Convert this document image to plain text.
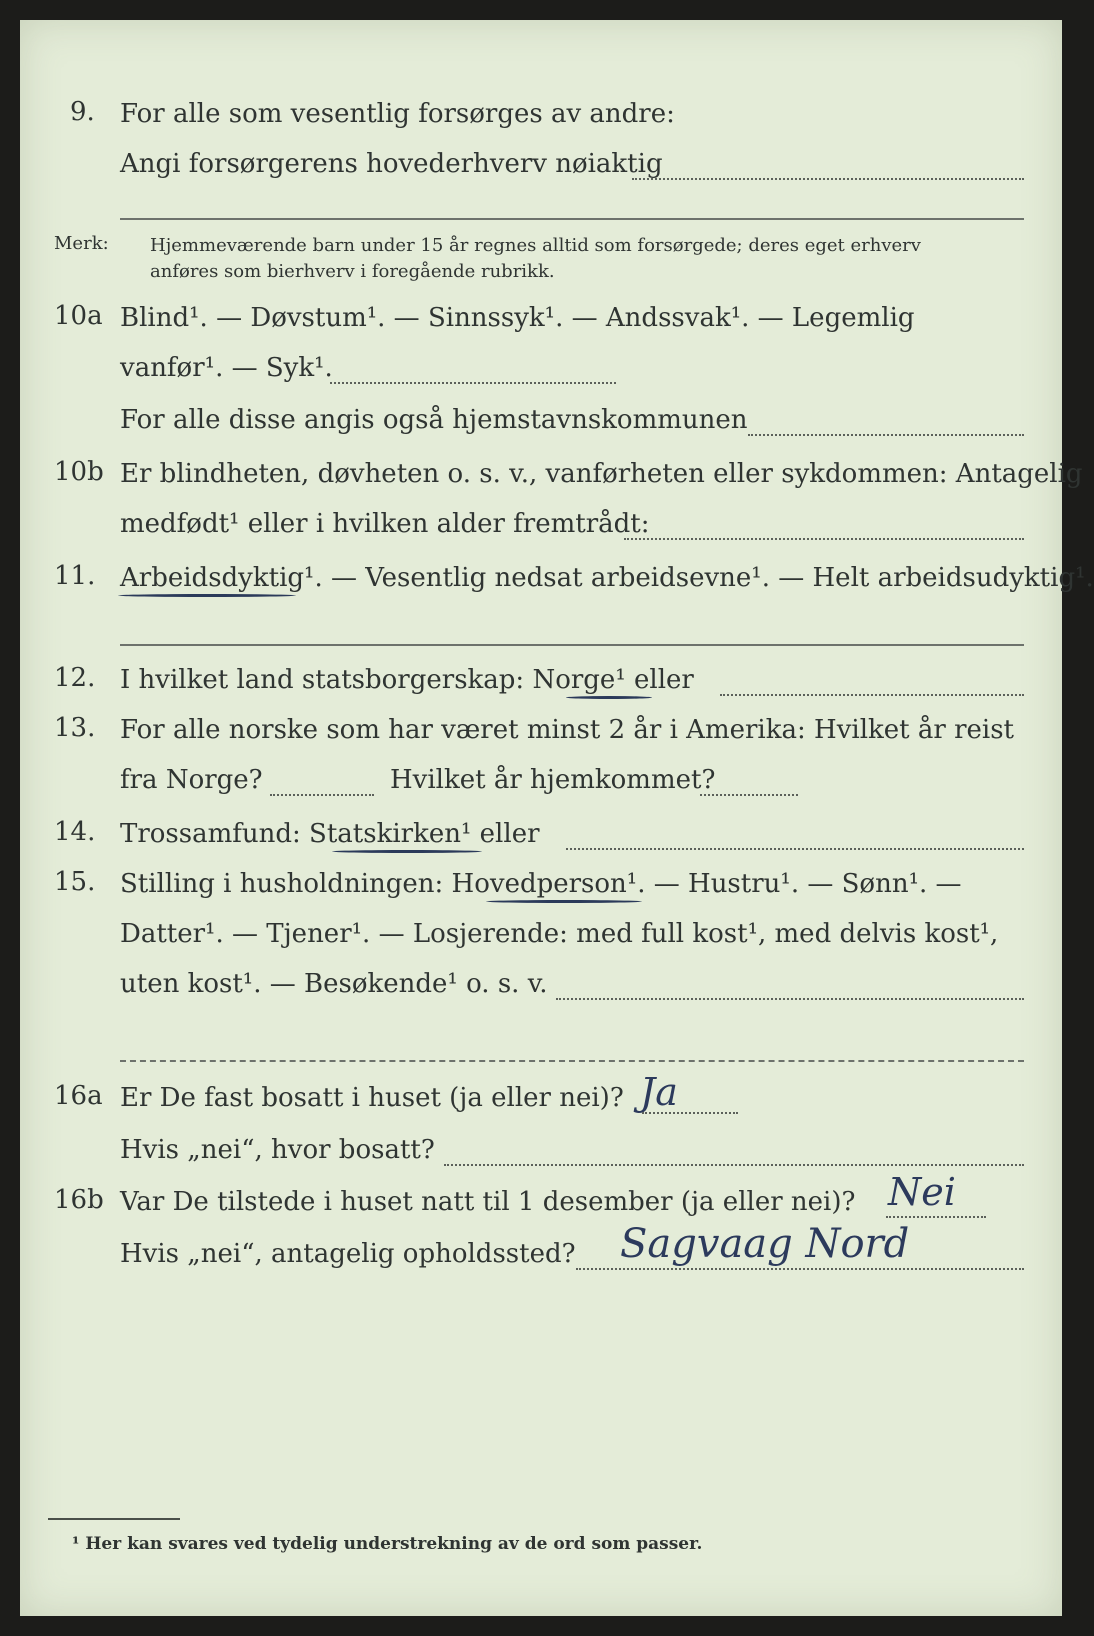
9. For alle som vesentlig forsørges av andre:
Angi forsørgerens hovederhverv nøiaktig
Merk: Hjemmeværende barn under 15 år regnes alltid som forsørgede; deres eget erhverv
anføres som bierhverv i foregående rubrikk.
10a Blind¹. — Døvstum¹. — Sinnssyk¹. — Andssvak¹. — Legemlig
vanfør¹. — Syk¹.
For alle disse angis også hjemstavnskommunen
10b Er blindheten, døvheten o. s. v., vanførheten eller sykdommen: Antagelig
medfødt¹ eller i hvilken alder fremtrådt:
11. Arbeidsdyktig¹. — Vesentlig nedsat arbeidsevne¹. — Helt arbeidsudyktig¹.
12. I hvilket land statsborgerskap: Norge¹ eller
13. For alle norske som har været minst 2 år i Amerika: Hvilket år reist
fra Norge?	Hvilket år hjemkommet?
14. Trossamfund: Statskirken¹ eller
15. Stilling i husholdningen: Hovedperson¹. — Hustru¹. — Sønn¹. —
Datter¹. — Tjener¹. — Losjerende: med full kost¹, med delvis kost¹,
uten kost¹. — Besøkende¹ o. s. v.
16a Er De fast bosatt i huset (ja eller nei)? Ja
Hvis „nei“, hvor bosatt?
16b Var De tilstede i huset natt til 1 desember (ja eller nei)? Nei
Hvis „nei“, antagelig opholdssted? Sagvaag Nord
¹ Her kan svares ved tydelig understrekning av de ord som passer.
